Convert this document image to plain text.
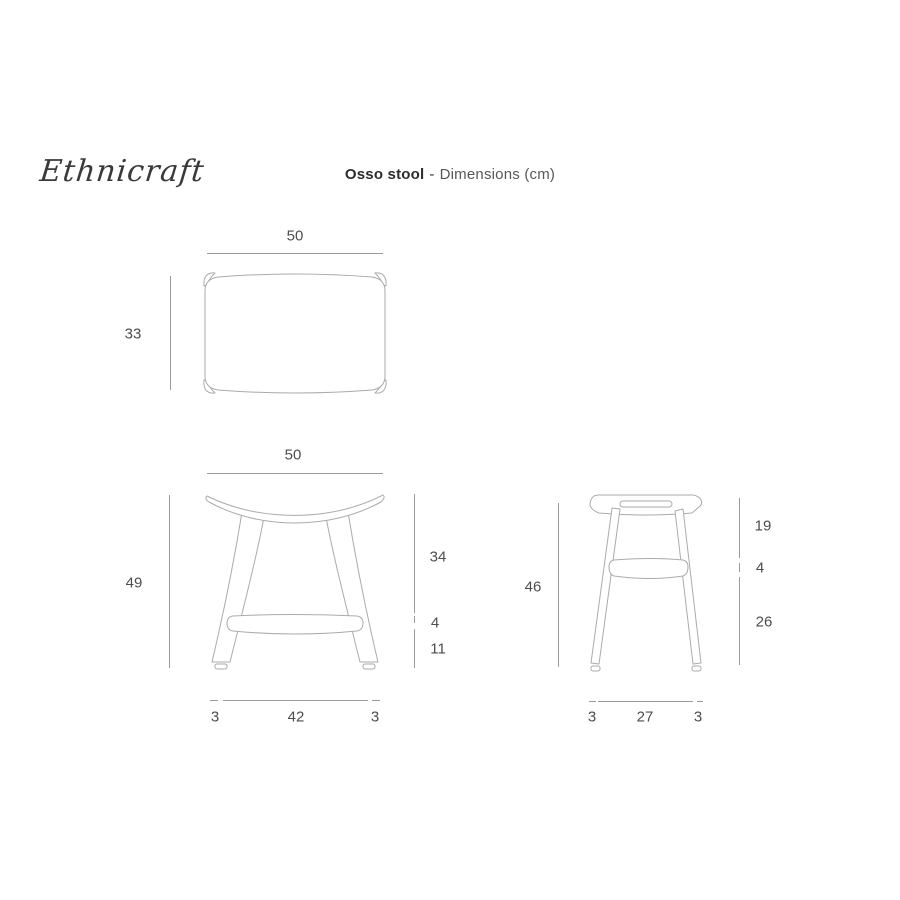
Ethnicraft	Osso stool - Dimensions (cm)
50
33
50
49
34
4
11
3	42	3
46
19
4
26
3	27	3
